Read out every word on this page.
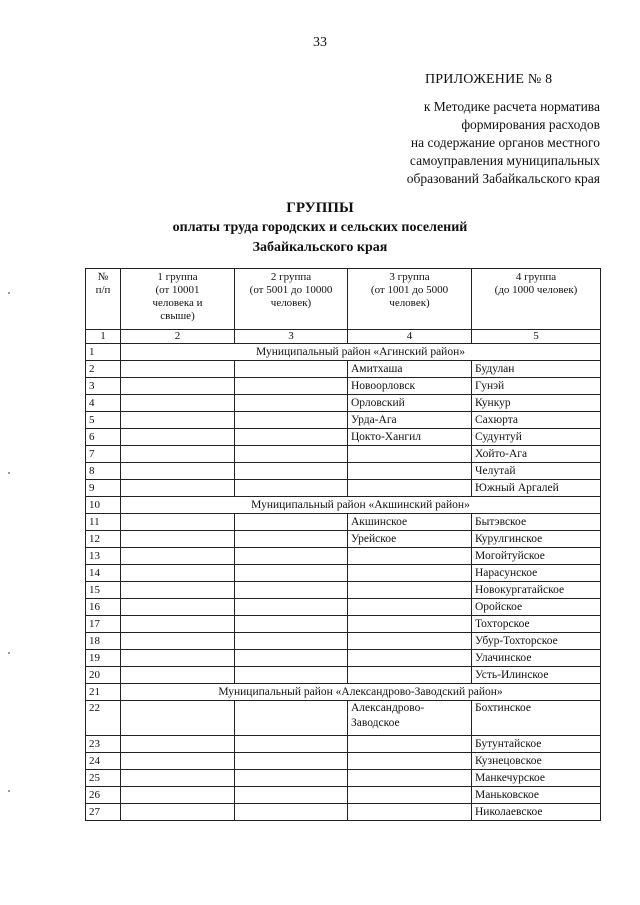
33
ПРИЛОЖЕНИЕ № 8
к Методике расчета норматива
формирования расходов
на содержание органов местного
самоуправления муниципальных
образований Забайкальского края
ГРУППЫ
оплаты труда городских и сельских поселений
Забайкальского края
№
п/п	1 группа
(от 10001
человека и
свыше)	2 группа
(от 5001 до 10000
человек)	3 группа
(от 1001 до 5000
человек)	4 группа
(до 1000 человек)
1	2	3	4	5
1	Муниципальный район «Агинский район»			
2			Амитхаша	Будулан
3			Новоорловск	Гунэй
4			Орловский	Кункур
5			Урда-Ага	Сахюрта
6			Цокто-Хангил	Судунтуй
7				Хойто-Ага
8				Челутай
9				Южный Аргалей
10	Муниципальный район «Акшинский район»			
11			Акшинское	Бытэвское
12			Урейское	Курулгинское
13				Могойтуйское
14				Нарасунское
15				Новокургатайское
16				Оройское
17				Тохторское
18				Убур-Тохторское
19				Улачинское
20				Усть-Илинское
21	Муниципальный район «Александрово-Заводский район»			
22			Александрово-
Заводское	Бохтинское
23				Бутунтайское
24				Кузнецовское
25				Манкечурское
26				Маньковское
27				Николаевское
